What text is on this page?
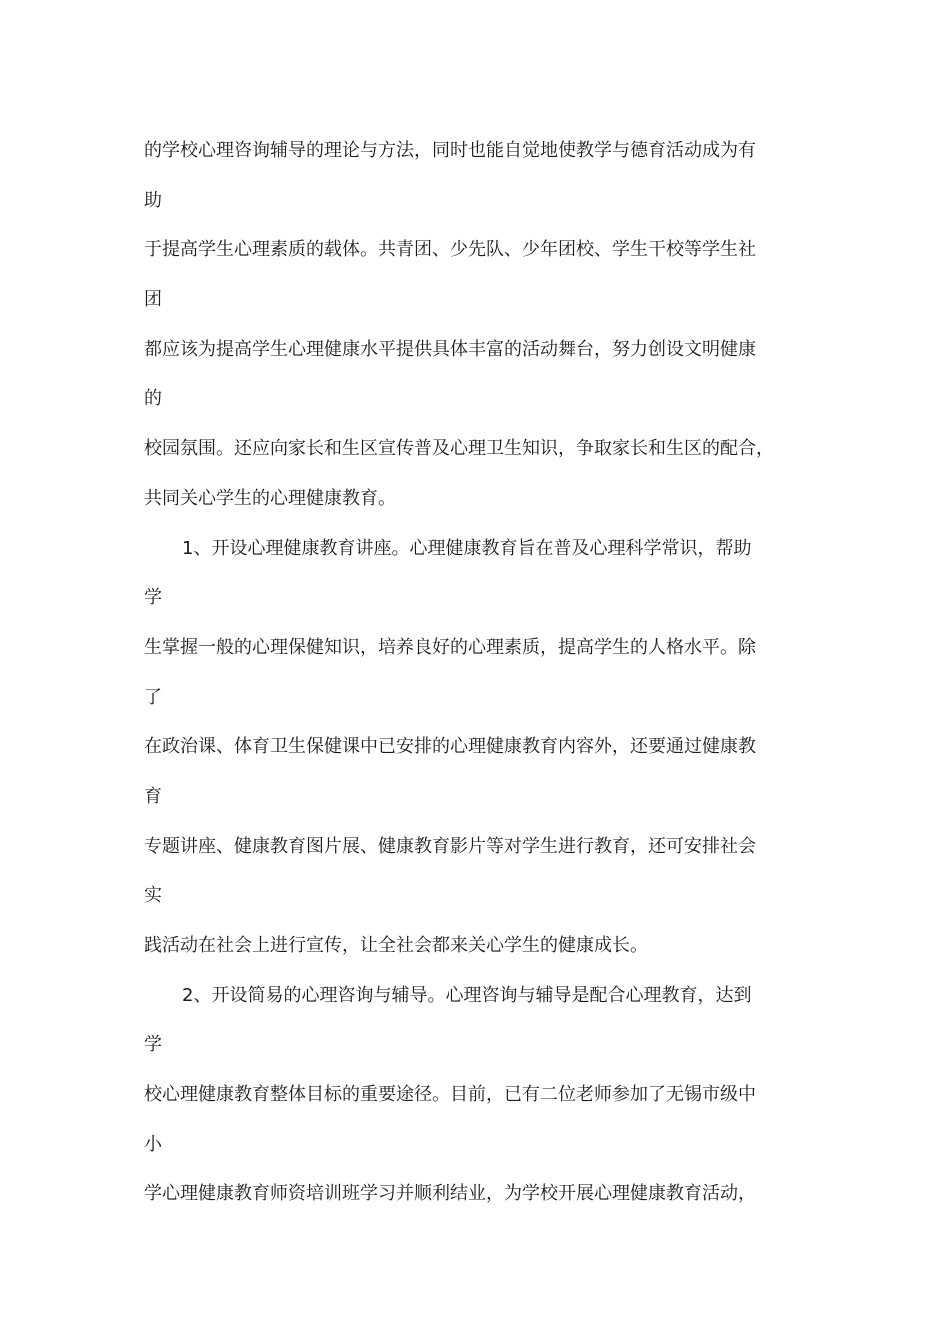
的学校心理咨询辅导的理论与方法，同时也能自觉地使教学与德育活动成为有
助
于提高学生心理素质的载体。共青团、少先队、少年团校、学生干校等学生社
团
都应该为提高学生心理健康水平提供具体丰富的活动舞台，努力创设文明健康
的
校园氛围。还应向家长和生区宣传普及心理卫生知识，争取家长和生区的配合，
共同关心学生的心理健康教育。
1、开设心理健康教育讲座。心理健康教育旨在普及心理科学常识，帮助
学
生掌握一般的心理保健知识，培养良好的心理素质，提高学生的人格水平。除
了
在政治课、体育卫生保健课中已安排的心理健康教育内容外，还要通过健康教
育
专题讲座、健康教育图片展、健康教育影片等对学生进行教育，还可安排社会
实
践活动在社会上进行宣传，让全社会都来关心学生的健康成长。
2、开设简易的心理咨询与辅导。心理咨询与辅导是配合心理教育，达到
学
校心理健康教育整体目标的重要途径。目前，已有二位老师参加了无锡市级中
小
学心理健康教育师资培训班学习并顺利结业，为学校开展心理健康教育活动，
